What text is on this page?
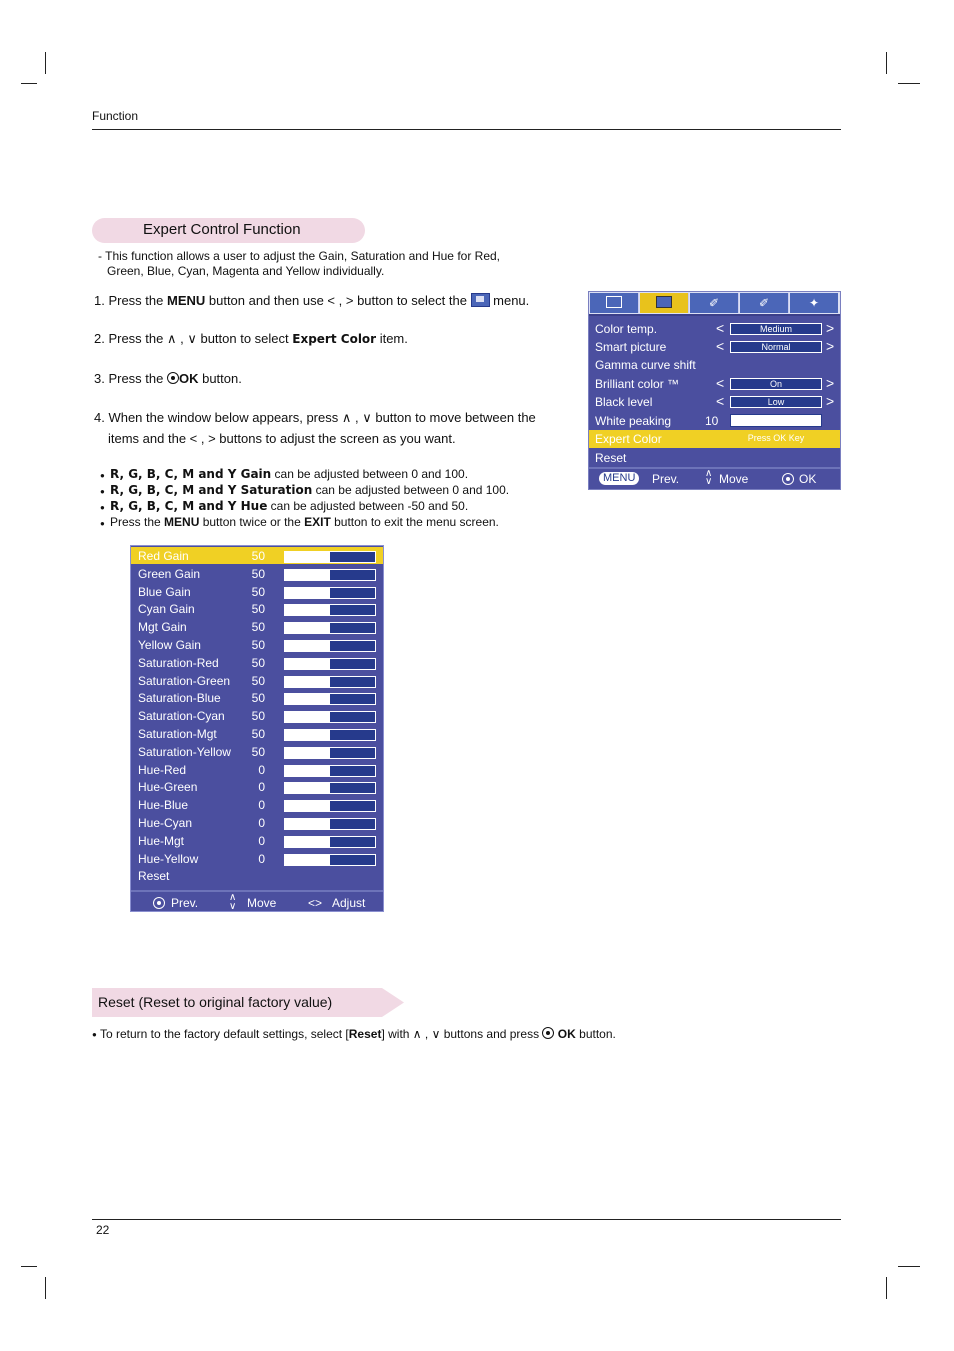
Function
Expert Control Function
- This function allows a user to adjust the Gain, Saturation and Hue for Red,
Green, Blue, Cyan, Magenta and Yellow individually.
1. Press the MENU button and then use < , > button to select the
menu.
2. Press the ∧ , ∨ button to select Expert Color item.
3. Press the OK button.
4. When the window below appears, press ∧ , ∨ button to move between the
items and the < , > buttons to adjust the screen as you want.
● R, G, B, C, M and Y Gain can be adjusted between 0 and 100.
● R, G, B, C, M and Y Saturation can be adjusted between 0 and 100.
● R, G, B, C, M and Y Hue can be adjusted between -50 and 50.
● Press the MENU button twice or the EXIT button to exit the menu screen.
✐	✐	✦
Color temp.	<	Medium	>
Smart picture	<	Normal	>
Gamma curve shift
Brilliant color ™	<	On	>
Black level	<	Low	>
White peaking	10
Expert Color	Press OK Key
Reset
MENU	Prev.	∧
∨ Move	OK
Red Gain	50
Green Gain	50
Blue Gain	50
Cyan Gain	50
Mgt Gain	50
Yellow Gain	50
Saturation-Red	50
Saturation-Green	50
Saturation-Blue	50
Saturation-Cyan	50
Saturation-Mgt	50
Saturation-Yellow	50
Hue-Red	0
Hue-Green	0
Hue-Blue	0
Hue-Cyan	0
Hue-Mgt	0
Hue-Yellow	0
Reset
Prev.	∧
∨ Move	<> Adjust
Reset (Reset to original factory value)
● To return to the factory default settings, select [Reset] with ∧ , ∨ buttons and press  OK button.
22
